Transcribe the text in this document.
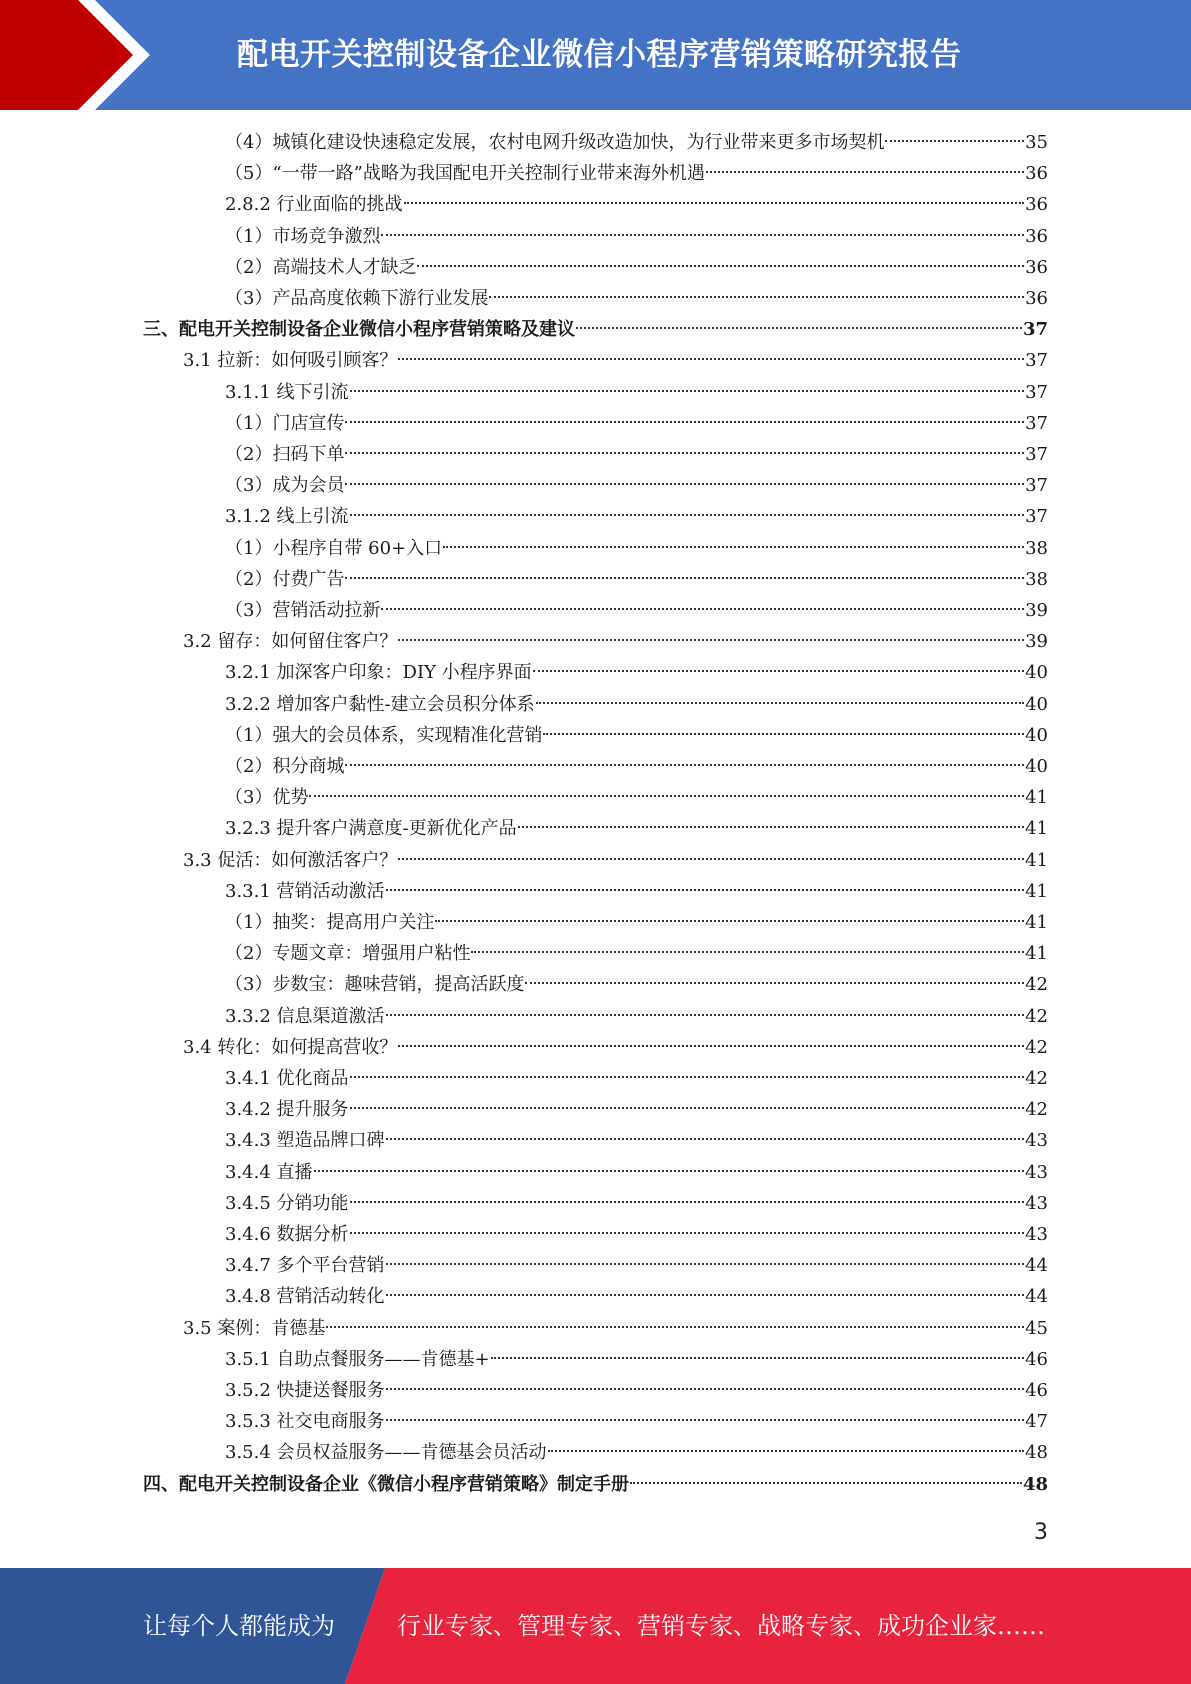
配电开关控制设备企业微信小程序营销策略研究报告
（4）城镇化建设快速稳定发展，农村电网升级改造加快，为行业带来更多市场契机	35
（5）“一带一路”战略为我国配电开关控制行业带来海外机遇	36
2.8.2 行业面临的挑战	36
（1）市场竞争激烈	36
（2）高端技术人才缺乏	36
（3）产品高度依赖下游行业发展	36
三、配电开关控制设备企业微信小程序营销策略及建议	37
3.1 拉新：如何吸引顾客？	37
3.1.1 线下引流	37
（1）门店宣传	37
（2）扫码下单	37
（3）成为会员	37
3.1.2 线上引流	37
（1）小程序自带 60+入口	38
（2）付费广告	38
（3）营销活动拉新	39
3.2 留存：如何留住客户？	39
3.2.1 加深客户印象：DIY 小程序界面	40
3.2.2 增加客户黏性-建立会员积分体系	40
（1）强大的会员体系，实现精准化营销	40
（2）积分商城	40
（3）优势	41
3.2.3 提升客户满意度-更新优化产品	41
3.3 促活：如何激活客户？	41
3.3.1 营销活动激活	41
（1）抽奖：提高用户关注	41
（2）专题文章：增强用户粘性	41
（3）步数宝：趣味营销，提高活跃度	42
3.3.2 信息渠道激活	42
3.4 转化：如何提高营收？	42
3.4.1 优化商品	42
3.4.2 提升服务	42
3.4.3 塑造品牌口碑	43
3.4.4 直播	43
3.4.5 分销功能	43
3.4.6 数据分析	43
3.4.7 多个平台营销	44
3.4.8 营销活动转化	44
3.5 案例：肯德基	45
3.5.1 自助点餐服务——肯德基+	46
3.5.2 快捷送餐服务	46
3.5.3 社交电商服务	47
3.5.4 会员权益服务——肯德基会员活动	48
四、配电开关控制设备企业《微信小程序营销策略》制定手册	48
3
让每个人都能成为	行业专家、管理专家、营销专家、战略专家、成功企业家……
